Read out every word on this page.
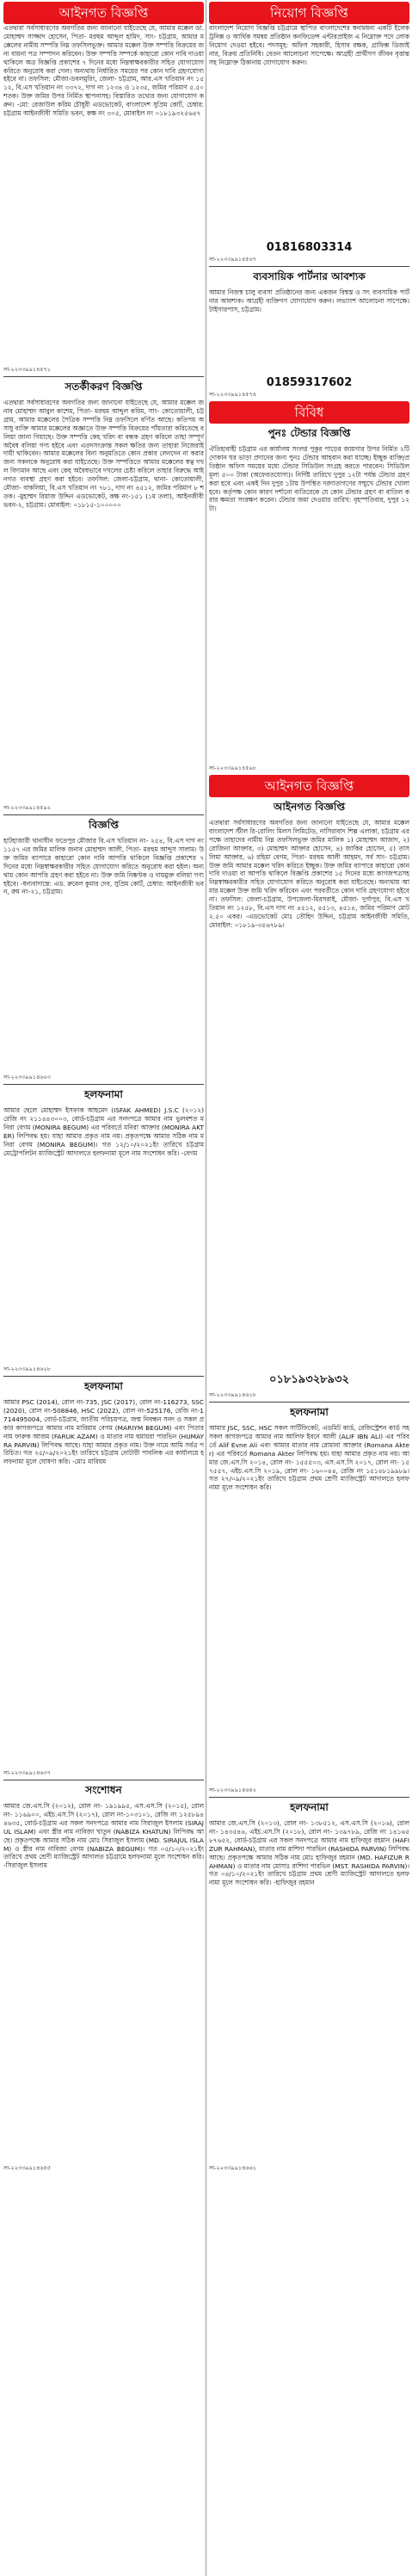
আইনগত বিজ্ঞপ্তি

এতদ্বারা সর্বসাধারণের অবগতির জন্য জানানো যাইতেছে যে, আমার মক্কেল ডা. মোহাম্মদ সাজ্জাদ হোসেন, পিতা- মরহুম আব্দুল হামিদ, সাং- চট্টগ্রাম, আমার মক্কেলের নামীয় সম্পত্তি নিম্ন তফসিলভুক্ত। আমার মক্কেল উক্ত সম্পত্তি বিক্রয়ের জন্য বায়না পত্র সম্পাদন করিবেন। উক্ত সম্পত্তি সম্পর্কে কাহারো কোন দাবি দাওয়া থাকিলে অত্র বিজ্ঞপ্তি প্রকাশের ৭ দিনের মধ্যে নিম্নস্বাক্ষরকারীর সহিত যোগাযোগ করিতে অনুরোধ করা গেল। অন্যথায় নির্ধারিত সময়ের পর কোন দাবি গ্রহণযোগ্য হইবে না। তফসিল: মৌজা-ডবলমুরিং, জেলা- চট্টগ্রাম, আর.এস খতিয়ান নং ১৫১২, বি.এস খতিয়ান নং ৩৩৭২, দাগ নং ১২৩৪ ও ১২৩৫, জমির পরিমাণ ৫.৫০ শতক। উক্ত জমির উপর নির্মিত স্থাপনাসহ। বিস্তারিত তথ্যের জন্য যোগাযোগ করুন। -মো: রেজাউল করিম চৌধুরী এডভোকেট, বাংলাদেশ সুপ্রিম কোর্ট, চেম্বার: চট্টগ্রাম আইনজীবী সমিতি ভবন, কক্ষ নং ৩০৫, মোবাইল নং ০১৮১৯৩২৫৬৪৭

সা-২২৩৩৯৯১৪৫৭১
সতর্কীকরণ বিজ্ঞপ্তি

এতদ্বারা সর্বসাধারণের অবগতির জন্য জানানো যাইতেছে যে, আমার মক্কেল জনাব মোহাম্মদ আবুল কাশেম, পিতা- মরহুম আব্দুল করিম, সাং- কোতোয়ালী, চট্টগ্রাম, আমার মক্কেলের পৈত্রিক সম্পত্তি নিম্ন তফসিলে বর্ণিত আছে। কতিপয় অসাধু ব্যক্তি আমার মক্কেলের অজ্ঞাতে উক্ত সম্পত্তি বিক্রয়ের পাঁয়তারা করিতেছে বলিয়া জানা গিয়াছে। উক্ত সম্পত্তি কেহ খরিদ বা বন্ধক গ্রহণ করিলে তাহা সম্পূর্ণ অবৈধ বলিয়া গণ্য হইবে এবং এতদসংক্রান্ত সকল ক্ষতির জন্য তাহারা নিজেরাই দায়ী থাকিবেন। আমার মক্কেলের বিনা অনুমতিতে কোন প্রকার লেনদেন না করার জন্য সকলকে অনুরোধ করা যাইতেছে। উক্ত সম্পত্তিতে আমার মক্কেলের স্বত্ব দখল বিদ্যমান আছে এবং কেহ অবৈধভাবে দখলের চেষ্টা করিলে তাহার বিরুদ্ধে আইনগত ব্যবস্থা গ্রহণ করা হইবে। তফসিল: জেলা-চট্টগ্রাম, থানা- কোতোয়ালী, মৌজা- বাকলিয়া, বি.এস খতিয়ান নং ৭৮১, দাগ নং ৪৫১২, জমির পরিমাণ ৮ শতক। -মুহাম্মদ রিয়াজ উদ্দিন এডভোকেট, কক্ষ নং-১৫১ (১ম তলা), আইনজীবী ভবন-২, চট্টগ্রাম। মোবাইল: ০১৮১৫-১০০০০০

সা-২২৩৩৯৯১৪৫৯২
বিজ্ঞপ্তি

হাটহাজারী থানাধীন ফতেপুর মৌজার বি.এস খতিয়ান নং- ২৫৪, বি.এস দাগ নং ১১৫৭ এর জমির মালিক জনাব মোহাম্মদ আলী, পিতা- মরহুম আব্দুস সালাম। উক্ত জমির ব্যাপারে কাহারো কোন দাবি আপত্তি থাকিলে বিজ্ঞপ্তি প্রকাশের ৭ দিনের মধ্যে নিম্নস্বাক্ষরকারীর সহিত যোগাযোগ করিতে অনুরোধ করা হইল। অন্যথায় কোন আপত্তি গ্রহণ করা হইবে না। উক্ত জমি নিষ্কণ্টক ও দায়মুক্ত বলিয়া গণ্য হইবে। -ধন্যবাদান্তে: এড. রুবেল কুমার দেব, সুপ্রিম কোর্ট, চেম্বার: আইনজীবী ভবন, রুম নং-২১, চট্টগ্রাম।

সা-২২৩৩৯৯১৪৬০৩
হলফনামা

আমার ছেলে মোহাম্মদ ইসফাক আহমেদ (ISFAK AHMED) J.S.C (২০১২) রেজি নং ২১১৪৪৩০০৩, বোর্ড-চট্টগ্রাম এর সনদপত্রে আমার নাম ভুলবশত মনিরা বেগম (MONIRA BEGUM) এর পরিবর্তে মনিরা আক্তার (MONIRA AKTER) লিপিবদ্ধ হয়। যাহা আমার প্রকৃত নাম নয়। প্রকৃতপক্ষে আমার সঠিক নাম মনিরা বেগম (MONIRA BEGUM)। গত ১২/১০/২০২১ইং তারিখে চট্টগ্রাম মেট্রোপলিটন ম্যাজিস্ট্রেট আদালতে হলফনামা মূলে নাম সংশোধন করি। -বেগম

সা-২২৩৩৯৯১৪৬২৮
হলফনামা

আমার PSC (2014), রোল নং-735, JSC (2017), রোল নং-116273, SSC (2020), রোল নং-508846, HSC (2022), রোল নং-525176, রেজি নং-1714495004, বোর্ড-চট্টগ্রাম, জাতীয় পরিচয়পত্র, জন্ম নিবন্ধন সনদ ও সকল প্রকার কাগজপত্রে আমার নাম মারিয়াম বেগম (MARIYM BEGUM) এবং পিতার নাম ফারুক আজম (FARUK AZAM) ও মাতার নাম হুমায়রা পারভিন (HUMAYRA PARVIN) লিপিবদ্ধ আছে। যাহা আমার প্রকৃত নাম। উক্ত নামে আমি সর্বত্র পরিচিত। গত ২৫/০৯/২০২১ইং তারিখে চট্টগ্রাম নোটারী পাবলিক এর কার্যালয়ে হলফনামা মূলে ঘোষণা করি। -মোঃ মারিয়ম

সা-২২৩৩৯৯১৪৬৩৭
সংশোধন

আমার জে.এস.সি (২০১২), রোল নং- ১৯১৯৯৫, এস.এস.সি (২০১৫), রোল নং- ১১৬৯০০, এইচ.এস.সি (২০১৭), রোল নং-১০৩১০১, রেজি নং ১২৫৮৯৪৪৬৩৫, বোর্ড-চট্টগ্রাম এর সকল সনদপত্রে আমার নাম সিরাজুল ইসলাম (SIRAJUL ISLAM) এবং স্ত্রীর নাম নাবিজা খাতুন (NABIZA KHATUN) লিপিবদ্ধ আছে। প্রকৃতপক্ষে আমার সঠিক নাম মোঃ সিরাজুল ইসলাম (MD. SIRAJUL ISLAM) ও স্ত্রীর নাম নাবিজা বেগম (NABIZA BEGUM)। গত ০৫/১০/২০২১ইং তারিখে প্রথম শ্রেণী ম্যাজিস্ট্রেট আদালত চট্টগ্রামে হলফনামা মূলে সংশোধন করি। -সিরাজুল ইসলাম

সা-২২৩৩৯৯১৪৬৫৫
নিয়োগ বিজ্ঞপ্তি

বাংলাদেশ নিয়োগ বিজ্ঞপ্তি চট্টগ্রামে স্থাপিত বাংলাদেশের স্বনামধন্য একটি ইলেকট্রনিক্স ও আর্থিক সমন্বয় প্রতিষ্ঠান কনফিডেন্স এন্টারপ্রাইজ এ নিম্নোক্ত পদে লোক নিয়োগ দেওয়া হইবে। পদসমূহ: অফিস সহকারী, হিসাব রক্ষক, গ্রাফিক্স ডিজাইনার, বিক্রয় প্রতিনিধি। বেতন আলোচনা সাপেক্ষে। আগ্রহী প্রার্থীগণ জীবন বৃত্তান্ত সহ নিম্নোক্ত ঠিকানায় যোগাযোগ করুন।

01816803314
সা-২২৩৩৯৯১৪৫৬৭
ব্যবসায়িক পার্টনার আবশ্যক

আমার নিজস্ব চালু ব্যবসা প্রতিষ্ঠানের জন্য একজন বিশ্বস্ত ও সৎ ব্যবসায়িক পার্টনার আবশ্যক। আগ্রহী ব্যক্তিগণ যোগাযোগ করুন। লভ্যাংশ আলোচনা সাপেক্ষে। টাইগারপাস, চট্টগ্রাম।

01859317602
সা-২২৩৩৯৯১৪৫৭৪
বিবিধ
পুনঃ টেন্ডার বিজ্ঞপ্তি

ঐতিহ্যবাহী চট্টগ্রাম এর কার্যালয় সংলগ্ন পুকুর পাড়ের জায়গার উপর নির্মিত ২টি দোকান ঘর ভাড়া প্রদানের জন্য পুনঃ টেন্ডার আহবান করা যাচ্ছে। ইচ্ছুক ব্যক্তি/প্রতিষ্ঠান অফিস সময়ের মধ্যে টেন্ডার সিডিউল সংগ্রহ করতে পারবেন। সিডিউল মূল্য ৫০০ টাকা (অফেরতযোগ্য)। নির্দিষ্ট তারিখে দুপুর ১২টা পর্যন্ত টেন্ডার গ্রহণ করা হবে এবং একই দিন দুপুর ১টায় উপস্থিত দরদাতাগণের সম্মুখে টেন্ডার খোলা হবে। কর্তৃপক্ষ কোন কারণ দর্শানো ব্যতিরেকে যে কোন টেন্ডার গ্রহণ বা বাতিল করার ক্ষমতা সংরক্ষণ করেন। টেন্ডার জমা দেওয়ার তারিখ: বৃহস্পতিবার, দুপুর ১২টা।

সা-২২৩৩৯৯১৪৫৯৮
আইনগত বিজ্ঞপ্তি
আইনগত বিজ্ঞপ্তি

এতদ্বারা সর্বসাধারণের অবগতির জন্য জানানো যাইতেছে যে, আমার মক্কেল বাংলাদেশ স্টীল রি-রোলিং মিলস লিমিটেড, নাসিরাবাদ শিল্প এলাকা, চট্টগ্রাম এর পক্ষে তাহাদের নামীয় নিম্ন তফসিলভুক্ত জমির মালিক ১) মোহাম্মদ আজাদ, ২) রোজিনা আক্তার, ৩) মোহাম্মদ আক্তার হোসেন, ৪) জাকির হোসেন, ৫) তাসলিমা আক্তার, ৬) রহিমা বেগম, পিতা- মরহুম আলী আহমদ, সর্ব সাং- চট্টগ্রাম। উক্ত জমি আমার মক্কেল খরিদ করিতে ইচ্ছুক। উক্ত জমির ব্যাপারে কাহারো কোন দাবি দাওয়া বা আপত্তি থাকিলে বিজ্ঞপ্তি প্রকাশের ১৫ দিনের মধ্যে কাগজপত্রসহ নিম্নস্বাক্ষরকারীর সহিত যোগাযোগ করিতে অনুরোধ করা যাইতেছে। অন্যথায় আমার মক্কেল উক্ত জমি খরিদ করিবেন এবং পরবর্তীতে কোন দাবি গ্রহণযোগ্য হইবে না। তফসিল: জেলা-চট্টগ্রাম, উপজেলা-মিরসরাই, মৌজা- দুর্গাপুর, বি.এস খতিয়ান নং ১২৫৮, বি.এস দাগ নং ৪৫১২, ৪৫১৩, ৪৫১৪, জমির পরিমাণ মোট ২.৫০ একর। -এডভোকেট মোঃ তৌহিদ উদ্দিন, চট্টগ্রাম আইনজীবী সমিতি, মোবাইল: ০১৮১৯-৩৫৬৭৮৯।

০১৮১৯৩২৮৯৩২
সা-২২৩৩৯৯১৪৬১৮
হলফনামা

আমার JSC, SSC, HSC সকল সার্টিফিকেট, এডমিট কার্ড, রেজিস্ট্রেশন কার্ড সহ সকল কাগজপত্রে আমার নাম আলিফ ইবনে আলী (ALIF IBN ALI) এর পরিবর্তে Alif Evne Ali এবং আমার মাতার নাম রোমানা আক্তার (Romana Akter) এর পরিবর্তে Romana Akter লিপিবদ্ধ হয়। যাহা আমার প্রকৃত নাম নয়। আমার জে.এস.সি ২০১৪, রোল নং- ১৫৫৫০৩, এস.এস.সি ২০১৭, রোল নং- ১৫৭৫৫৭, এইচ.এস.সি ২০১৯, রোল নং- ১৬০০৪৪, রেজি নং ১৫১৪৮১৯৯৮৯। গত ২৭/০৯/২০২১ইং তারিখে চট্টগ্রাম প্রথম শ্রেণী ম্যাজিস্ট্রেট আদালতে হলফনামা মূলে সংশোধন করি।

সা-২২৩৩৯৯১৪৬৪২
হলফনামা

আমার জে.এস.সি (২০১৩), রোল নং- ১৩৮৫১২, এস.এস.সি (২০১৬), রোল নং- ১৪৩৫৪৬, এইচ.এস.সি (২০১৮), রোল নং- ১৩৯৭৮৯, রেজি নং ১৪১৬৫৮৭৬৫২, বোর্ড-চট্টগ্রাম এর সকল সনদপত্রে আমার নাম হাফিজুর রহমান (HAFIZUR RAHMAN), মাতার নাম রাশিদা পারভিন (RASHIDA PARVIN) লিপিবদ্ধ আছে। প্রকৃতপক্ষে আমার সঠিক নাম মোঃ হাফিজুর রহমান (MD. HAFIZUR RAHMAN) ও মাতার নাম মোসাঃ রাশিদা পারভিন (MST. RASHIDA PARVIN)। গত ০৪/১০/২০২১ইং তারিখে চট্টগ্রাম প্রথম শ্রেণী ম্যাজিস্ট্রেট আদালতে হলফনামা মূলে সংশোধন করি। -হাফিজুর রহমান

সা-২২৩৩৯৯১৪৬৬১
